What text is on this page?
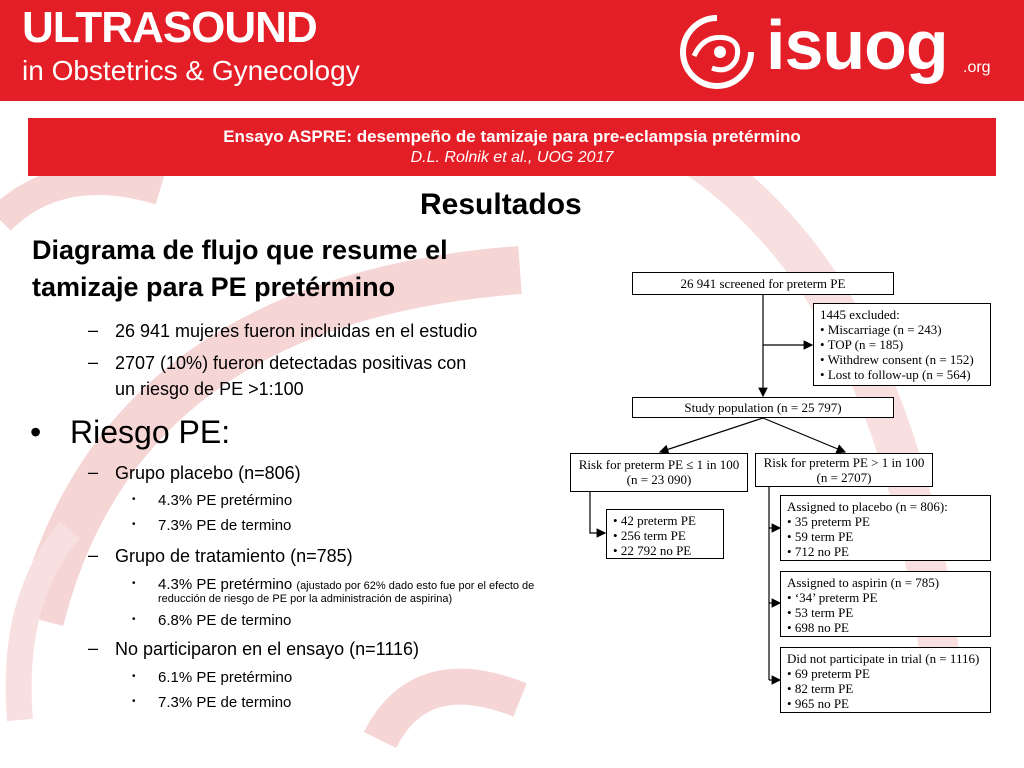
ULTRASOUND
in Obstetrics & Gynecology	isuog .org
Ensayo ASPRE: desempeño de tamizaje para pre-eclampsia pretérmino
D.L. Rolnik et al., UOG 2017
Resultados
Diagrama de flujo que resume el
tamizaje para PE pretérmino
– 26 941 mujeres fueron incluidas en el estudio
– 2707 (10%) fueron detectadas positivas con
un riesgo de PE >1:100
• Riesgo PE:
– Grupo placebo (n=806)
• 4.3% PE pretérmino
• 7.3% PE de termino
– Grupo de tratamiento (n=785)
• 4.3% PE pretérmino (ajustado por 62% dado esto fue por el efecto de
reducción de riesgo de PE por la administración de aspirina)
• 6.8% PE de termino
– No participaron en el ensayo (n=1116)
• 6.1% PE pretérmino
• 7.3% PE de termino
26 941 screened for preterm PE
1445 excluded:
• Miscarriage (n = 243)
• TOP (n = 185)
• Withdrew consent (n = 152)
• Lost to follow-up (n = 564)
Study population (n = 25 797)
Risk for preterm PE ≤ 1 in 100
(n = 23 090)
Risk for preterm PE > 1 in 100
(n = 2707)
• 42 preterm PE
• 256 term PE
• 22 792 no PE
Assigned to placebo (n = 806):
• 35 preterm PE
• 59 term PE
• 712 no PE
Assigned to aspirin (n = 785)
• ‘34’ preterm PE
• 53 term PE
• 698 no PE
Did not participate in trial (n = 1116)
• 69 preterm PE
• 82 term PE
• 965 no PE
